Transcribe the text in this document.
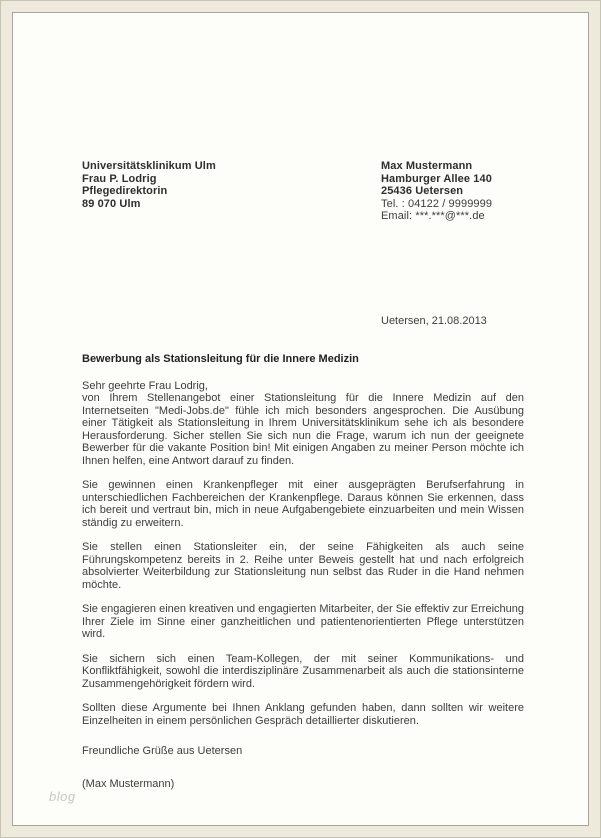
Universitätsklinikum Ulm
Frau P. Lodrig
Pflegedirektorin
89 070 Ulm
Max Mustermann
Hamburger Allee 140
25436 Uetersen
Tel. : 04122 / 9999999
Email: ***.***@***.de
Uetersen, 21.08.2013
Bewerbung als Stationsleitung für die Innere Medizin
Sehr geehrte Frau Lodrig,

von Ihrem Stellenangebot einer Stationsleitung für die Innere Medizin auf den Internetseiten "Medi-Jobs.de" fühle ich mich besonders angesprochen. Die Ausübung einer Tätigkeit als Stationsleitung in Ihrem Universitätsklinikum sehe ich als besondere Herausforderung. Sicher stellen Sie sich nun die Frage, warum ich nun der geeignete Bewerber für die vakante Position bin! Mit einigen Angaben zu meiner Person möchte ich Ihnen helfen, eine Antwort darauf zu finden.

Sie gewinnen einen Krankenpfleger mit einer ausgeprägten Berufserfahrung in unterschiedlichen Fachbereichen der Krankenpflege. Daraus können Sie erkennen, dass ich bereit und vertraut bin, mich in neue Aufgabengebiete einzuarbeiten und mein Wissen ständig zu erweitern.

Sie stellen einen Stationsleiter ein, der seine Fähigkeiten als auch seine Führungskompetenz bereits in 2. Reihe unter Beweis gestellt hat und nach erfolgreich absolvierter Weiterbildung zur Stationsleitung nun selbst das Ruder in die Hand nehmen möchte.

Sie engagieren einen kreativen und engagierten Mitarbeiter, der Sie effektiv zur Erreichung Ihrer Ziele im Sinne einer ganzheitlichen und patientenorientierten Pflege unterstützen wird.

Sie sichern sich einen Team-Kollegen, der mit seiner Kommunikations- und Konfliktfähigkeit, sowohl die interdisziplinäre Zusammenarbeit als auch die stationsinterne Zusammengehörigkeit fördern wird.

Sollten diese Argumente bei Ihnen Anklang gefunden haben, dann sollten wir weitere Einzelheiten in einem persönlichen Gespräch detaillierter diskutieren.

Freundliche Grüße aus Uetersen
(Max Mustermann)
blog
